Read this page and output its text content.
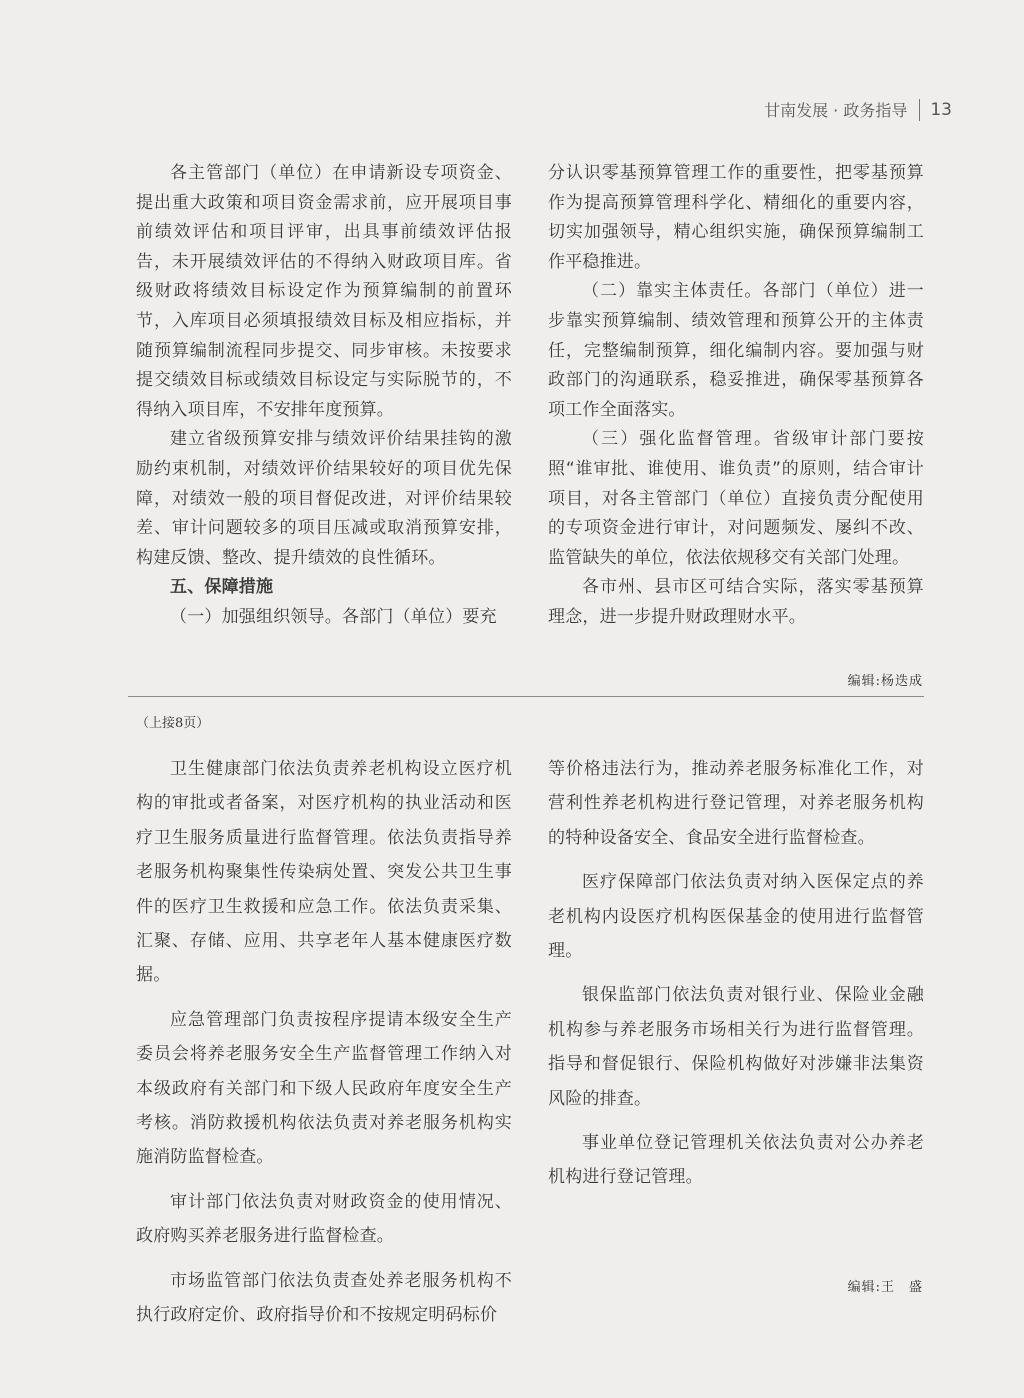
甘南发展 · 政务指导 13

各主管部门（单位）在申请新设专项资金、提出重大政策和项目资金需求前，应开展项目事前绩效评估和项目评审，出具事前绩效评估报告，未开展绩效评估的不得纳入财政项目库。省级财政将绩效目标设定作为预算编制的前置环节，入库项目必须填报绩效目标及相应指标，并随预算编制流程同步提交、同步审核。未按要求提交绩效目标或绩效目标设定与实际脱节的，不得纳入项目库，不安排年度预算。

建立省级预算安排与绩效评价结果挂钩的激励约束机制，对绩效评价结果较好的项目优先保障，对绩效一般的项目督促改进，对评价结果较差、审计问题较多的项目压减或取消预算安排，构建反馈、整改、提升绩效的良性循环。

五、保障措施

（一）加强组织领导。各部门（单位）要充

分认识零基预算管理工作的重要性，把零基预算作为提高预算管理科学化、精细化的重要内容，切实加强领导，精心组织实施，确保预算编制工作平稳推进。

（二）靠实主体责任。各部门（单位）进一步靠实预算编制、绩效管理和预算公开的主体责任，完整编制预算，细化编制内容。要加强与财政部门的沟通联系，稳妥推进，确保零基预算各项工作全面落实。

（三）强化监督管理。省级审计部门要按照“谁审批、谁使用、谁负责”的原则，结合审计项目，对各主管部门（单位）直接负责分配使用的专项资金进行审计，对问题频发、屡纠不改、监管缺失的单位，依法依规移交有关部门处理。

各市州、县市区可结合实际，落实零基预算理念，进一步提升财政理财水平。

编辑:杨迭成
（上接8页）

卫生健康部门依法负责养老机构设立医疗机构的审批或者备案，对医疗机构的执业活动和医疗卫生服务质量进行监督管理。依法负责指导养老服务机构聚集性传染病处置、突发公共卫生事件的医疗卫生救援和应急工作。依法负责采集、汇聚、存储、应用、共享老年人基本健康医疗数据。

应急管理部门负责按程序提请本级安全生产委员会将养老服务安全生产监督管理工作纳入对本级政府有关部门和下级人民政府年度安全生产考核。消防救援机构依法负责对养老服务机构实施消防监督检查。

审计部门依法负责对财政资金的使用情况、政府购买养老服务进行监督检查。

市场监管部门依法负责查处养老服务机构不执行政府定价、政府指导价和不按规定明码标价

等价格违法行为，推动养老服务标准化工作，对营利性养老机构进行登记管理，对养老服务机构的特种设备安全、食品安全进行监督检查。

医疗保障部门依法负责对纳入医保定点的养老机构内设医疗机构医保基金的使用进行监督管理。

银保监部门依法负责对银行业、保险业金融机构参与养老服务市场相关行为进行监督管理。指导和督促银行、保险机构做好对涉嫌非法集资风险的排查。

事业单位登记管理机关依法负责对公办养老机构进行登记管理。

编辑:王　盛
